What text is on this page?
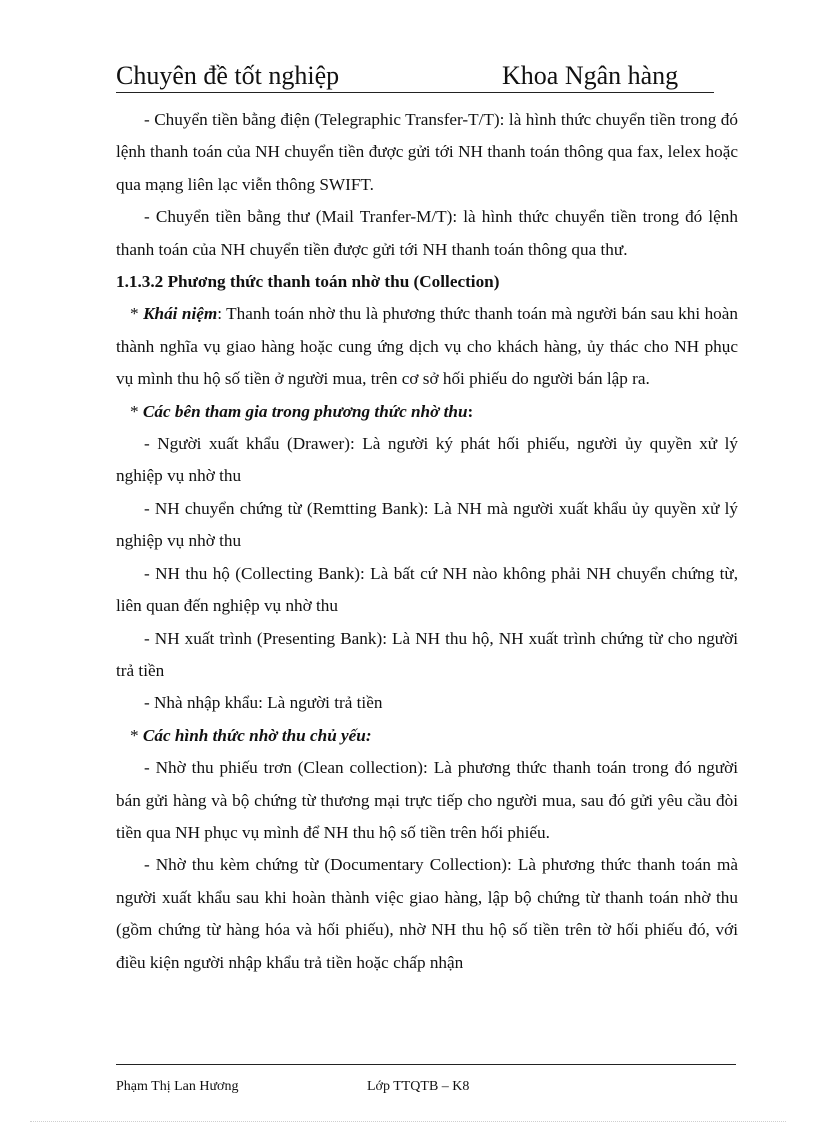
Chuyên đề tốt nghiệp	Khoa Ngân hàng

- Chuyển tiền bằng điện (Telegraphic Transfer-T/T): là hình thức chuyển tiền trong đó lệnh thanh toán của NH chuyển tiền được gửi tới NH thanh toán thông qua fax, lelex hoặc qua mạng liên lạc viễn thông SWIFT.

- Chuyển tiền bằng thư (Mail Tranfer-M/T): là hình thức chuyển tiền trong đó lệnh thanh toán của NH chuyển tiền được gửi tới NH thanh toán thông qua thư.

1.1.3.2 Phương thức thanh toán nhờ thu (Collection)

* Khái niệm: Thanh toán nhờ thu là phương thức thanh toán mà người bán sau khi hoàn thành nghĩa vụ giao hàng hoặc cung ứng dịch vụ cho khách hàng, ủy thác cho NH phục vụ mình thu hộ số tiền ở người mua, trên cơ sở hối phiếu do người bán lập ra.

* Các bên tham gia trong phương thức nhờ thu:

- Người xuất khẩu (Drawer): Là người ký phát hối phiếu, người ủy quyền xử lý nghiệp vụ nhờ thu

- NH chuyển chứng từ (Remtting Bank): Là NH mà người xuất khẩu ủy quyền xử lý nghiệp vụ nhờ thu

- NH thu hộ (Collecting Bank): Là bất cứ NH nào không phải NH chuyển chứng từ, liên quan đến nghiệp vụ nhờ thu

- NH xuất trình (Presenting Bank): Là NH thu hộ, NH xuất trình chứng từ cho người trả tiền

- Nhà nhập khẩu: Là người trả tiền

* Các hình thức nhờ thu chủ yếu:

- Nhờ thu phiếu trơn (Clean collection): Là phương thức thanh toán trong đó người bán gửi hàng và bộ chứng từ thương mại trực tiếp cho người mua, sau đó gửi yêu cầu đòi tiền qua NH phục vụ mình để NH thu hộ số tiền trên hối phiếu.

- Nhờ thu kèm chứng từ (Documentary Collection): Là phương thức thanh toán mà người xuất khẩu sau khi hoàn thành việc giao hàng, lập bộ chứng từ thanh toán nhờ thu (gồm chứng từ hàng hóa và hối phiếu), nhờ NH thu hộ số tiền trên tờ hối phiếu đó, với điều kiện người nhập khẩu trả tiền hoặc chấp nhận

Phạm Thị Lan Hương	Lớp TTQTB – K8
